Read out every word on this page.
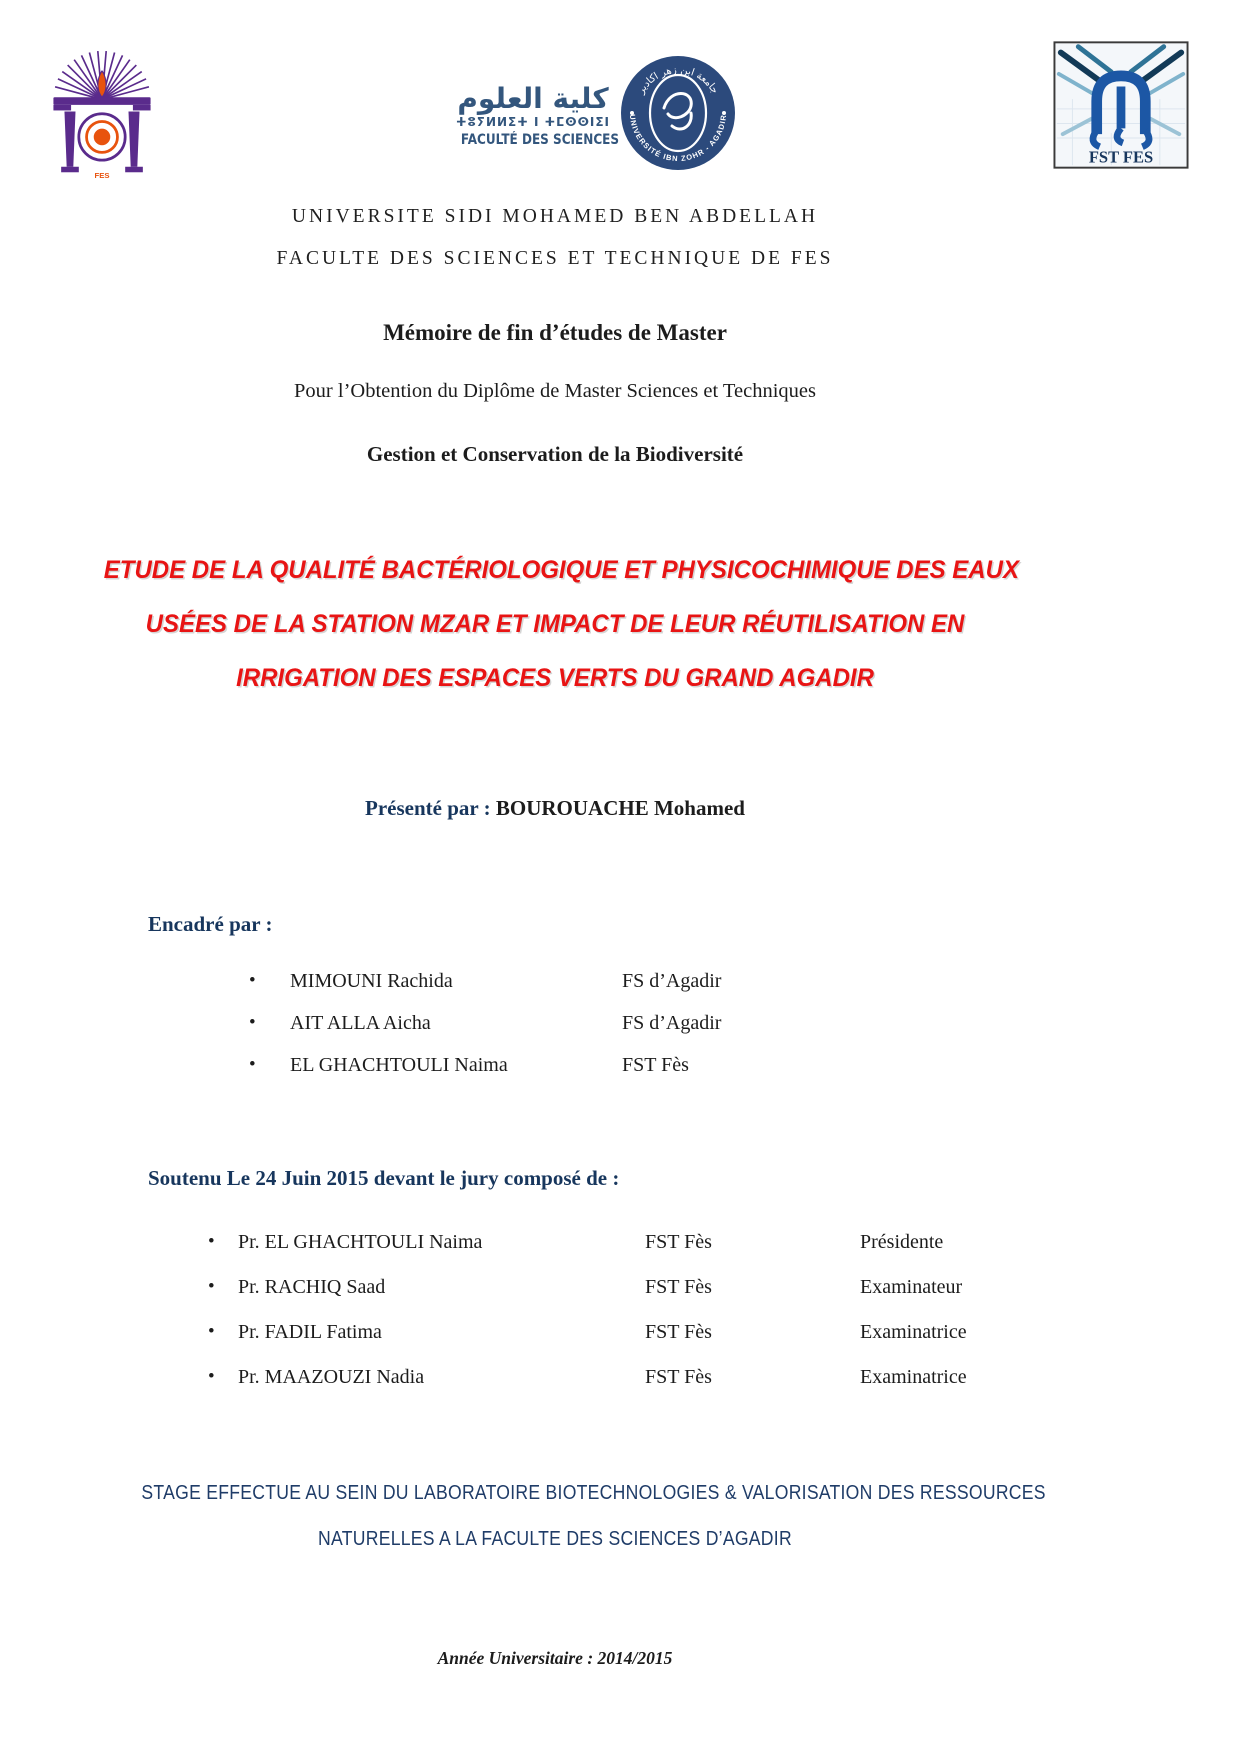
FES
كلية العلوم
ⵜⵓⵢⵍⵍⵉⵜ ⵏ ⵜⵎⵙⵙⵏⵉⵏ
FACULTÉ DES SCIENCES
جامعة ابن زهر اكادير
UNIVERSITÉ IBN ZOHR - AGADIR
FST FES
UNIVERSITE SIDI MOHAMED BEN ABDELLAH
FACULTE DES SCIENCES ET TECHNIQUE DE FES
Mémoire de fin d’études de Master
Pour l’Obtention du Diplôme de Master Sciences et Techniques
Gestion et Conservation de la Biodiversité
ETUDE DE LA QUALITÉ BACTÉRIOLOGIQUE ET PHYSICOCHIMIQUE DES EAUX
USÉES DE LA STATION MZAR ET IMPACT DE LEUR RÉUTILISATION EN
IRRIGATION DES ESPACES VERTS DU GRAND AGADIR
Présenté par : BOUROUACHE Mohamed
Encadré par :
• MIMOUNI Rachida	FS d’Agadir
• AIT ALLA Aicha	FS d’Agadir
• EL GHACHTOULI Naima	FST Fès
Soutenu Le 24 Juin 2015 devant le jury composé de :
• Pr. EL GHACHTOULI Naima	FST Fès	Présidente
• Pr. RACHIQ Saad	FST Fès	Examinateur
• Pr. FADIL Fatima	FST Fès	Examinatrice
• Pr. MAAZOUZI Nadia	FST Fès	Examinatrice
STAGE EFFECTUE AU SEIN DU LABORATOIRE BIOTECHNOLOGIES & VALORISATION DES RESSOURCES
NATURELLES A LA FACULTE DES SCIENCES D’AGADIR
Année Universitaire : 2014/2015
